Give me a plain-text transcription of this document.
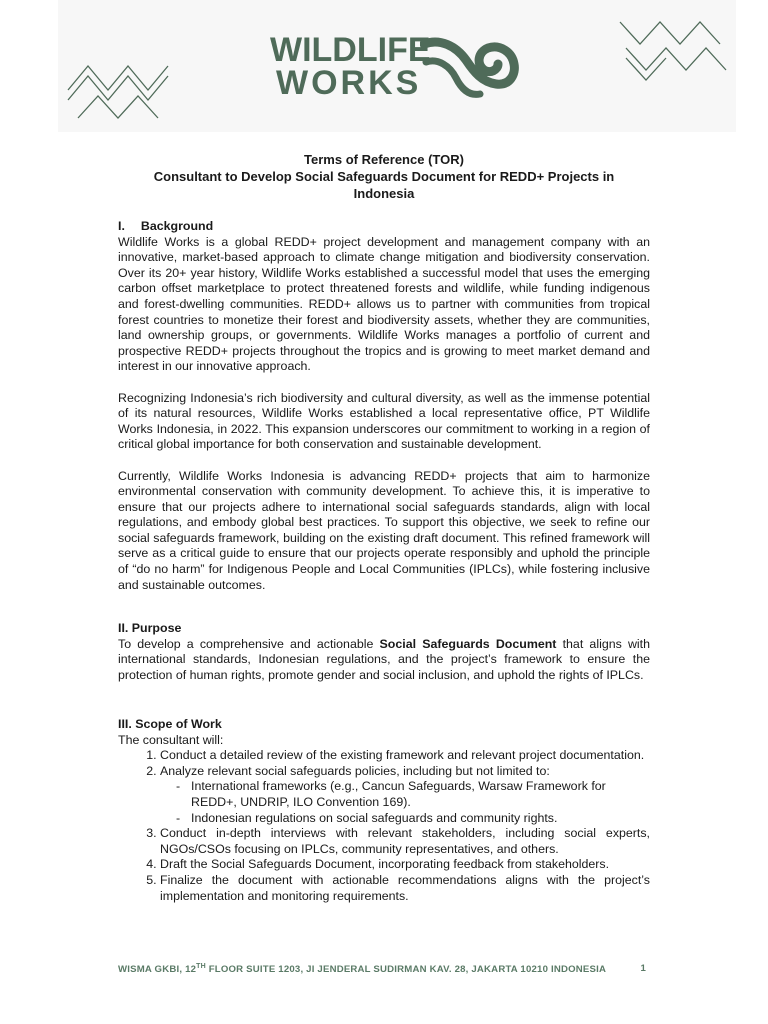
WILDLIFE
WORKS
Terms of Reference (TOR)
Consultant to Develop Social Safeguards Document for REDD+ Projects in
Indonesia

I. Background

Wildlife Works is a global REDD+ project development and management company with an innovative, market-based approach to climate change mitigation and biodiversity conservation. Over its 20+ year history, Wildlife Works established a successful model that uses the emerging carbon offset marketplace to protect threatened forests and wildlife, while funding indigenous and forest-dwelling communities. REDD+ allows us to partner with communities from tropical forest countries to monetize their forest and biodiversity assets, whether they are communities, land ownership groups, or governments. Wildlife Works manages a portfolio of current and prospective REDD+ projects throughout the tropics and is growing to meet market demand and interest in our innovative approach.

Recognizing Indonesia’s rich biodiversity and cultural diversity, as well as the immense potential of its natural resources, Wildlife Works established a local representative office, PT Wildlife Works Indonesia, in 2022. This expansion underscores our commitment to working in a region of critical global importance for both conservation and sustainable development.

Currently, Wildlife Works Indonesia is advancing REDD+ projects that aim to harmonize environmental conservation with community development. To achieve this, it is imperative to ensure that our projects adhere to international social safeguards standards, align with local regulations, and embody global best practices. To support this objective, we seek to refine our social safeguards framework, building on the existing draft document. This refined framework will serve as a critical guide to ensure that our projects operate responsibly and uphold the principle of “do no harm” for Indigenous People and Local Communities (IPLCs), while fostering inclusive and sustainable outcomes.

II. Purpose

To develop a comprehensive and actionable Social Safeguards Document that aligns with international standards, Indonesian regulations, and the project’s framework to ensure the protection of human rights, promote gender and social inclusion, and uphold the rights of IPLCs.

III. Scope of Work

The consultant will:

1. Conduct a detailed review of the existing framework and relevant project documentation.
2. Analyze relevant social safeguards policies, including but not limited to:
- International frameworks (e.g., Cancun Safeguards, Warsaw Framework for REDD+, UNDRIP, ILO Convention 169).
- Indonesian regulations on social safeguards and community rights.
3. Conduct in-depth interviews with relevant stakeholders, including social experts, NGOs/CSOs focusing on IPLCs, community representatives, and others.
4. Draft the Social Safeguards Document, incorporating feedback from stakeholders.
5. Finalize the document with actionable recommendations aligns with the project’s implementation and monitoring requirements.
WISMA GKBI, 12TH FLOOR SUITE 1203, JI JENDERAL SUDIRMAN KAV. 28, JAKARTA 10210 INDONESIA	1
